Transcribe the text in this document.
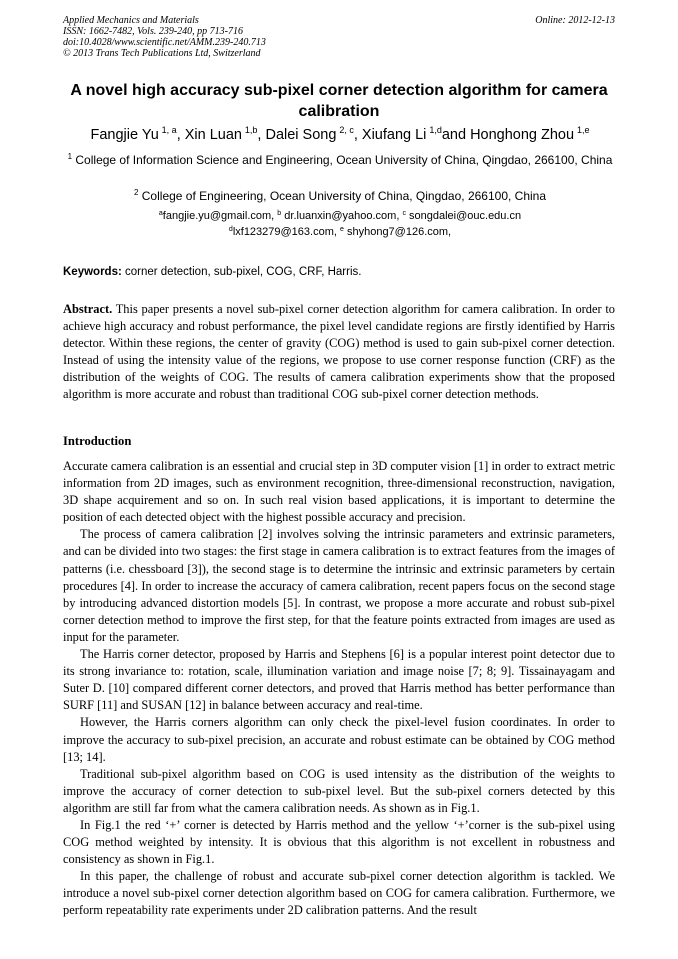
Applied Mechanics and Materials
ISSN: 1662-7482, Vols. 239-240, pp 713-716
doi:10.4028/www.scientific.net/AMM.239-240.713
© 2013 Trans Tech Publications Ltd, Switzerland
Online: 2012-12-13
A novel high accuracy sub-pixel corner detection algorithm for camera calibration
Fangjie Yu  $^{1, a}$, Xin Luan  $^{1,b}$, Dalei Song  $^{2, c}$, Xiufang Li  $^{1,d}$and Honghong Zhou  $^{1,e}$
$^1$ College of Information Science and Engineering, Ocean University of China, Qingdao, 266100, China
$^2$ College of Engineering, Ocean University of China, Qingdao, 266100, China
$^a$fangjie.yu@gmail.com, $^b$ dr.luanxin@yahoo.com, $^c$ songdalei@ouc.edu.cn
$^d$lxf123279@163.com, $^e$ shyhong7@126.com,
Keywords: corner detection, sub-pixel, COG, CRF, Harris.

Abstract. This paper presents a novel sub-pixel corner detection algorithm for camera calibration. In order to achieve high accuracy and robust performance, the pixel level candidate regions are firstly identified by Harris detector. Within these regions, the center of gravity (COG) method is used to gain sub-pixel corner detection. Instead of using the intensity value of the regions, we propose to use corner response function (CRF) as the distribution of the weights of COG. The results of camera calibration experiments show that the proposed algorithm is more accurate and robust than traditional COG sub-pixel corner detection methods.

Introduction

Accurate camera calibration is an essential and crucial step in 3D computer vision [1] in order to extract metric information from 2D images, such as environment recognition, three-dimensional reconstruction, navigation, 3D shape acquirement and so on. In such real vision based applications, it is important to determine the position of each detected object with the highest possible accuracy and precision.

The process of camera calibration [2] involves solving the intrinsic parameters and extrinsic parameters, and can be divided into two stages: the first stage in camera calibration is to extract features from the images of patterns (i.e. chessboard [3]), the second stage is to determine the intrinsic and extrinsic parameters by certain procedures [4]. In order to increase the accuracy of camera calibration, recent papers focus on the second stage by introducing advanced distortion models [5]. In contrast, we propose a more accurate and robust sub-pixel corner detection method to improve the first step, for that the feature points extracted from images are used as input for the parameter.

The Harris corner detector, proposed by Harris and Stephens [6] is a popular interest point detector due to its strong invariance to: rotation, scale, illumination variation and image noise [7; 8; 9]. Tissainayagam and Suter D. [10] compared different corner detectors, and proved that Harris method has better performance than SURF [11] and SUSAN [12] in balance between accuracy and real-time.

However, the Harris corners algorithm can only check the pixel-level fusion coordinates. In order to improve the accuracy to sub-pixel precision, an accurate and robust estimate can be obtained by COG method [13; 14].

Traditional sub-pixel algorithm based on COG is used intensity as the distribution of the weights to improve the accuracy of corner detection to sub-pixel level. But the sub-pixel corners detected by this algorithm are still far from what the camera calibration needs. As shown as in Fig.1.

In Fig.1 the red ‘+’ corner is detected by Harris method and the yellow ‘+’corner is the sub-pixel using COG method weighted by intensity. It is obvious that this algorithm is not excellent in robustness and consistency as shown in Fig.1.

In this paper, the challenge of robust and accurate sub-pixel corner detection algorithm is tackled. We introduce a novel sub-pixel corner detection algorithm based on COG for camera calibration. Furthermore, we perform repeatability rate experiments under 2D calibration patterns. And the result
